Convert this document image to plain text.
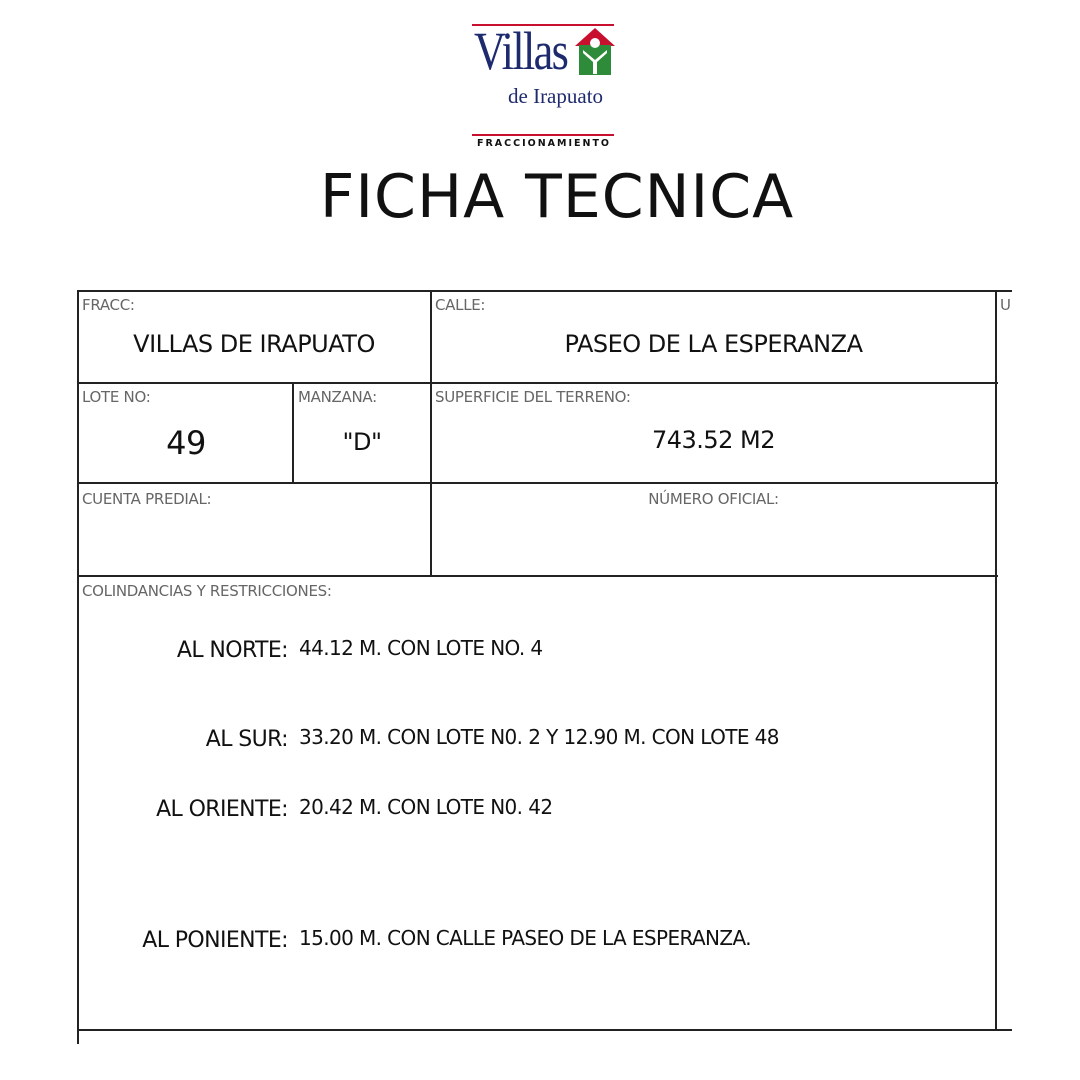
Villas
de Irapuato
FRACCIONAMIENTO
FICHA TECNICA
FRACC:
VILLAS DE IRAPUATO
CALLE:
PASEO DE LA ESPERANZA
U
LOTE NO:
49
MANZANA:
"D"
SUPERFICIE DEL TERRENO:
743.52 M2
CUENTA PREDIAL:	NÚMERO OFICIAL:
COLINDANCIAS Y RESTRICCIONES:
AL NORTE: 44.12 M. CON LOTE NO. 4
AL SUR: 33.20 M. CON LOTE N0. 2 Y 12.90 M. CON LOTE 48
AL ORIENTE: 20.42 M. CON LOTE N0. 42
AL PONIENTE: 15.00 M. CON CALLE PASEO DE LA ESPERANZA.
